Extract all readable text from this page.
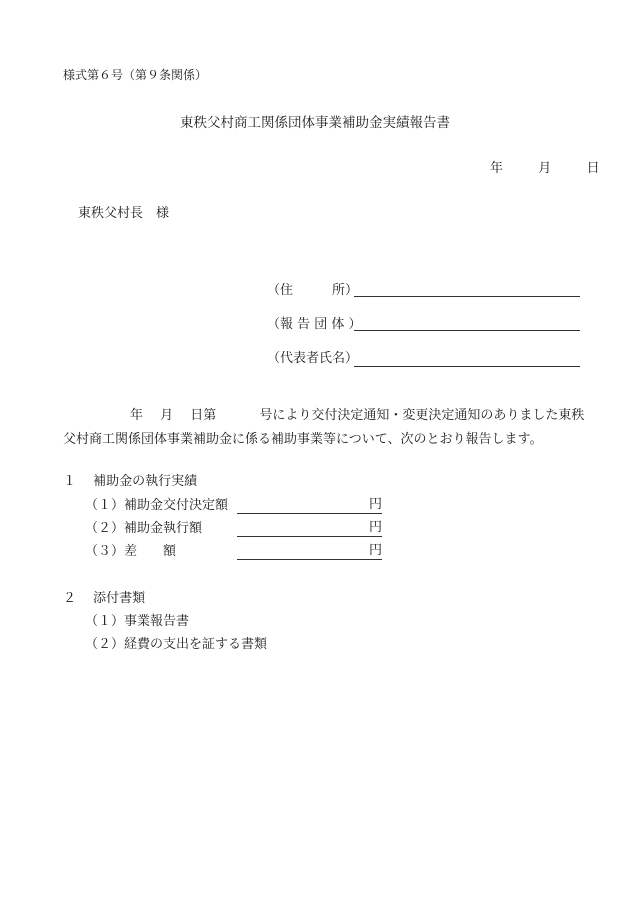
様式第６号（第９条関係）
東秩父村商工関係団体事業補助金実績報告書
年	月	日
東秩父村長　様
（住　　　所）
（報 告 団 体 ）
（代表者氏名）
年　 月　 日第　　　 号により交付決定通知・変更決定通知のありました東秩
父村商工関係団体事業補助金に係る補助事業等について、次のとおり報告します。
１　 補助金の執行実績
（１）補助金交付決定額	円
（２）補助金執行額	円
（３）差　　額	円
２　 添付書類
（１）事業報告書
（２）経費の支出を証する書類
